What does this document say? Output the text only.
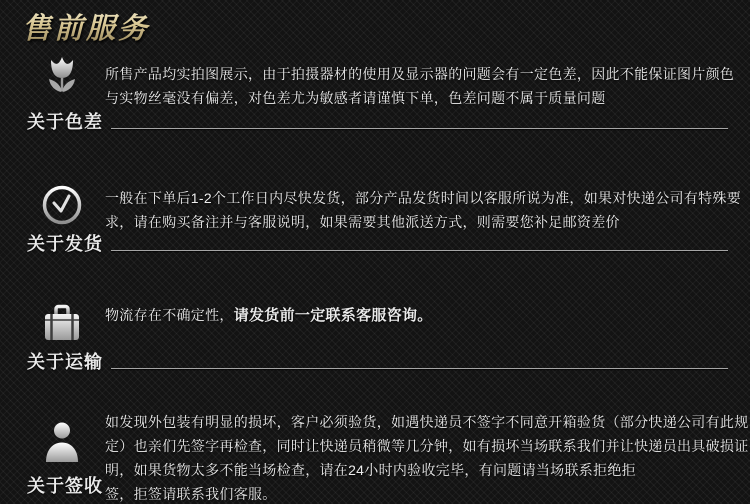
售前服务
所售产品均实拍图展示，由于拍摄器材的使用及显示器的问题会有一定色差，因此不能保证图片颜色
与实物丝毫没有偏差，对色差尤为敏感者请谨慎下单，色差问题不属于质量问题
关于色差
一般在下单后1-2个工作日内尽快发货，部分产品发货时间以客服所说为准，如果对快递公司有特殊要
求，请在购买备注并与客服说明，如果需要其他派送方式，则需要您补足邮资差价
关于发货
物流存在不确定性，请发货前一定联系客服咨询。
关于运输
如发现外包装有明显的损坏，客户必须验货，如遇快递员不签字不同意开箱验货（部分快递公司有此规
定）也亲们先签字再检查，同时让快递员稍微等几分钟，如有损坏当场联系我们并让快递员出具破损证
明，如果货物太多不能当场检查，请在24小时内验收完毕，有问题请当场联系拒绝拒
签，拒签请联系我们客服。
关于签收
